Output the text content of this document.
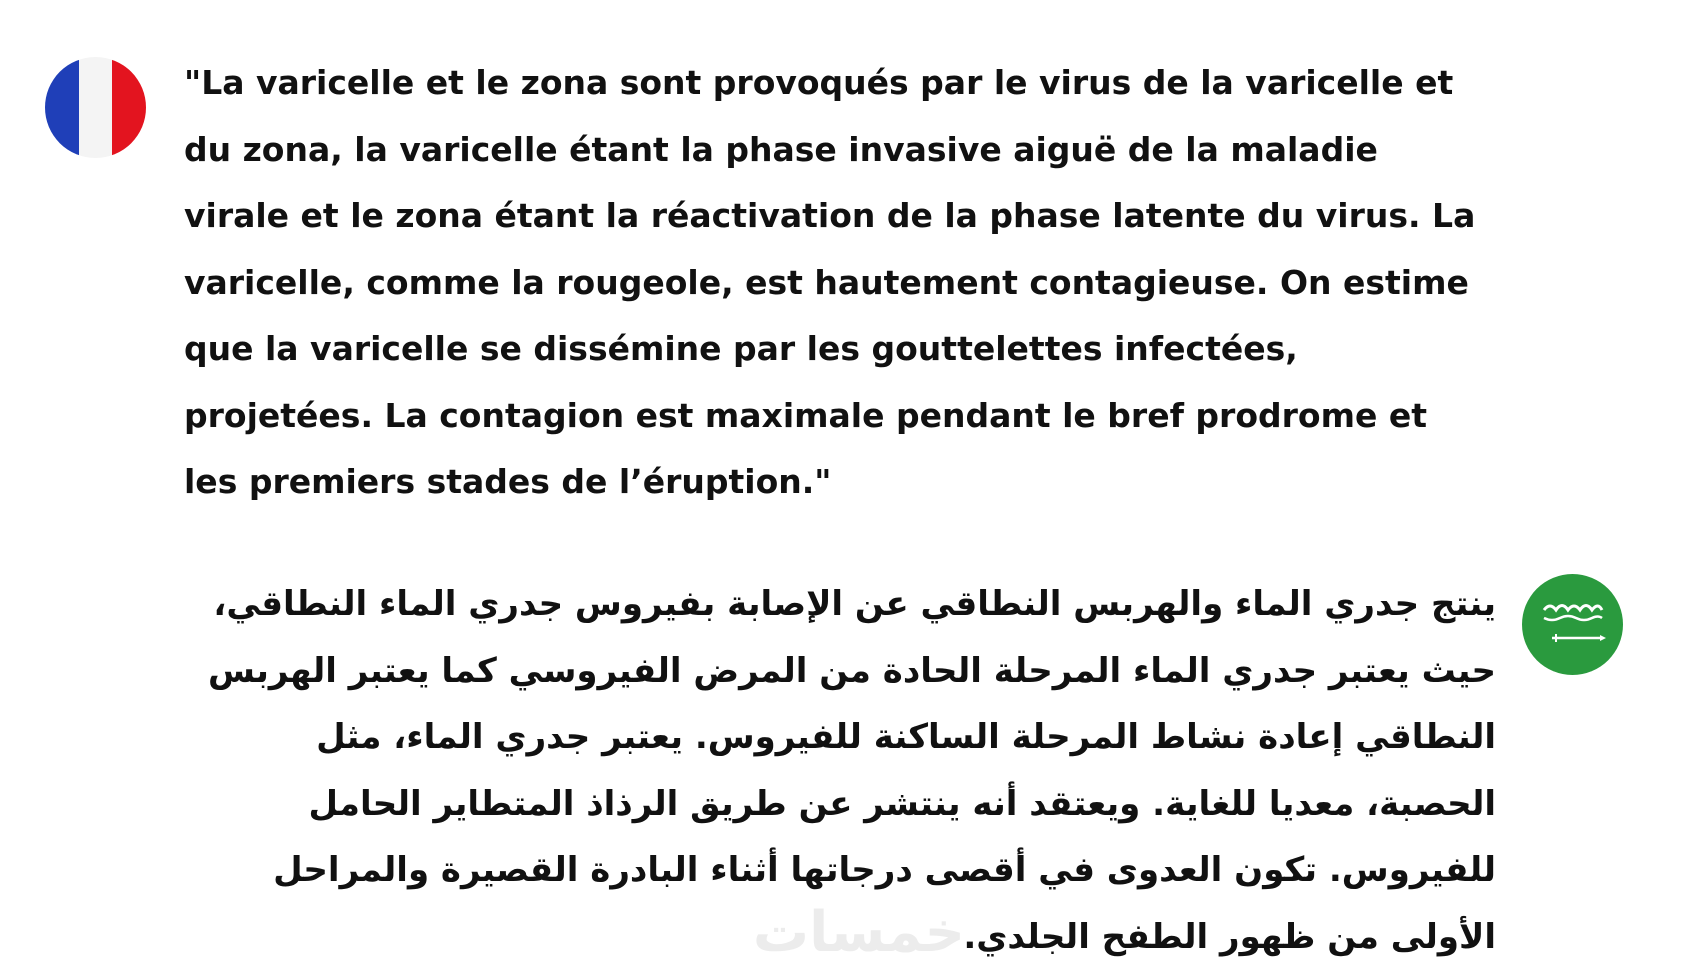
"La varicelle et le zona sont provoqués par le virus de la varicelle et du zona, la varicelle étant la phase invasive aiguë de la maladie virale et le zona étant la réactivation de la phase latente du virus. La varicelle, comme la rougeole, est hautement contagieuse. On estime que la varicelle se dissémine par les gouttelettes infectées, projetées. La contagion est maximale pendant le bref prodrome et les premiers stades de l’éruption."

ينتج جدري الماء والهربس النطاقي عن الإصابة بفيروس جدري الماء النطاقي، حيث يعتبر جدري الماء المرحلة الحادة من المرض الفيروسي كما يعتبر الهربس النطاقي إعادة نشاط المرحلة الساكنة للفيروس. يعتبر جدري الماء، مثل الحصبة، معديا للغاية. ويعتقد أنه ينتشر عن طريق الرذاذ المتطاير الحامل للفيروس. تكون العدوى في أقصى درجاتها أثناء البادرة القصيرة والمراحل الأولى من ظهور الطفح الجلدي.

خمسات
